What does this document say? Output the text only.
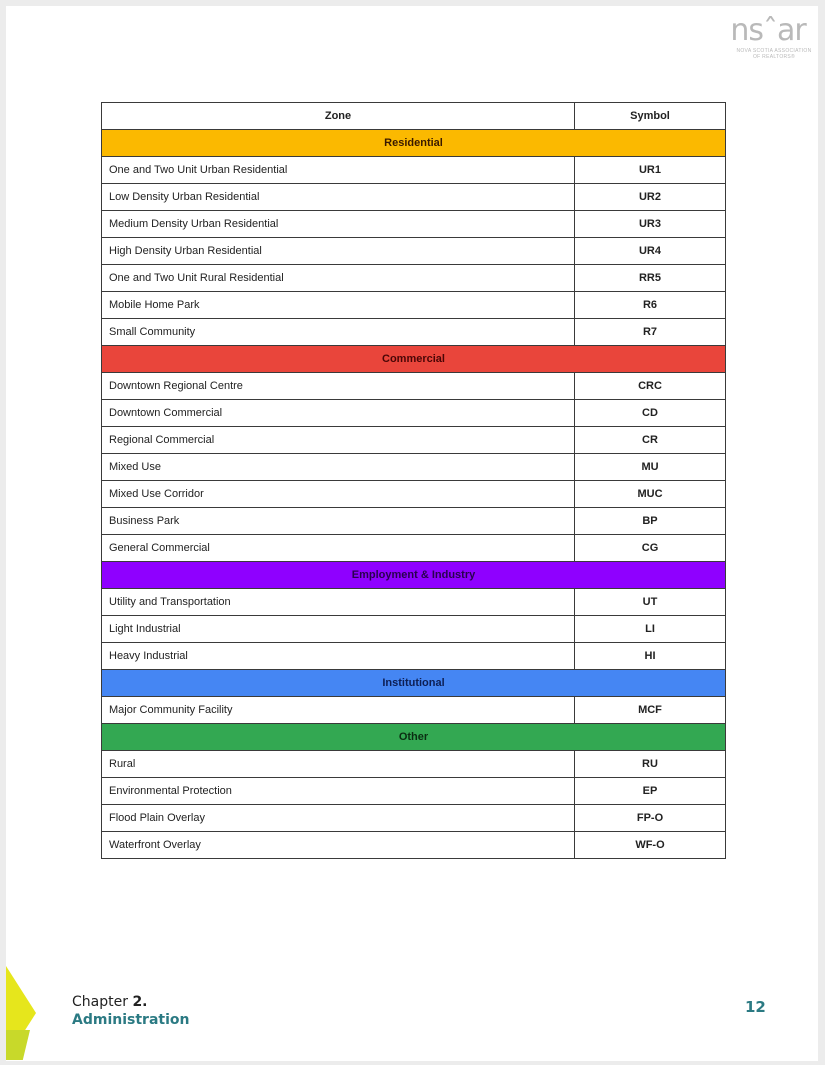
nsˆar
NOVA SCOTIA ASSOCIATION
OF REALTORS®
Zone	Symbol
Residential	
One and Two Unit Urban Residential	UR1
Low Density Urban Residential	UR2
Medium Density Urban Residential	UR3
High Density Urban Residential	UR4
One and Two Unit Rural Residential	RR5
Mobile Home Park	R6
Small Community	R7
Commercial	
Downtown Regional Centre	CRC
Downtown Commercial	CD
Regional Commercial	CR
Mixed Use	MU
Mixed Use Corridor	MUC
Business Park	BP
General Commercial	CG
Employment & Industry	
Utility and Transportation	UT
Light Industrial	LI
Heavy Industrial	HI
Institutional	
Major Community Facility	MCF
Other	
Rural	RU
Environmental Protection	EP
Flood Plain Overlay	FP-O
Waterfront Overlay	WF-O
Chapter 2.
Administration
12
